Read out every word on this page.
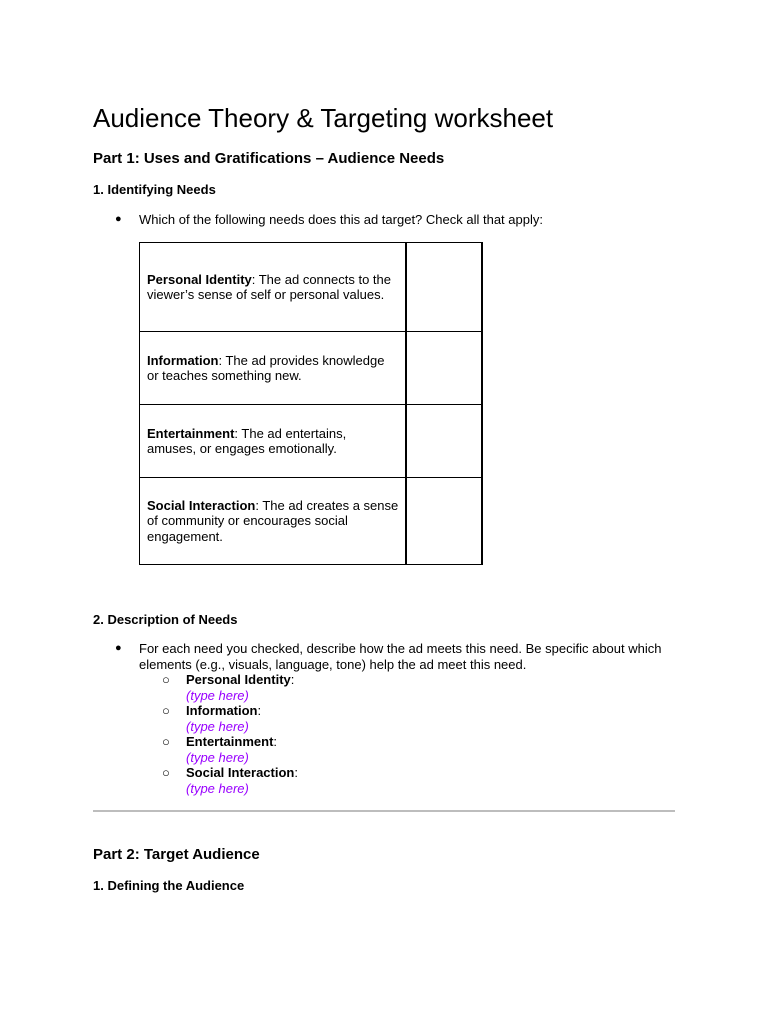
Audience Theory & Targeting worksheet
Part 1: Uses and Gratifications – Audience Needs
1. Identifying Needs
● Which of the following needs does this ad target? Check all that apply:
Personal Identity: The ad connects to the viewer’s sense of self or personal values.	
Information: The ad provides knowledge or teaches something new.	
Entertainment: The ad entertains, amuses, or engages emotionally.	
Social Interaction: The ad creates a sense of community or encourages social engagement.	
2. Description of Needs
● For each need you checked, describe how the ad meets this need. Be specific about which elements (e.g., visuals, language, tone) help the ad meet this need.
○ Personal Identity:
(type here)
○ Information:
(type here)
○ Entertainment:
(type here)
○ Social Interaction:
(type here)
Part 2: Target Audience
1. Defining the Audience
